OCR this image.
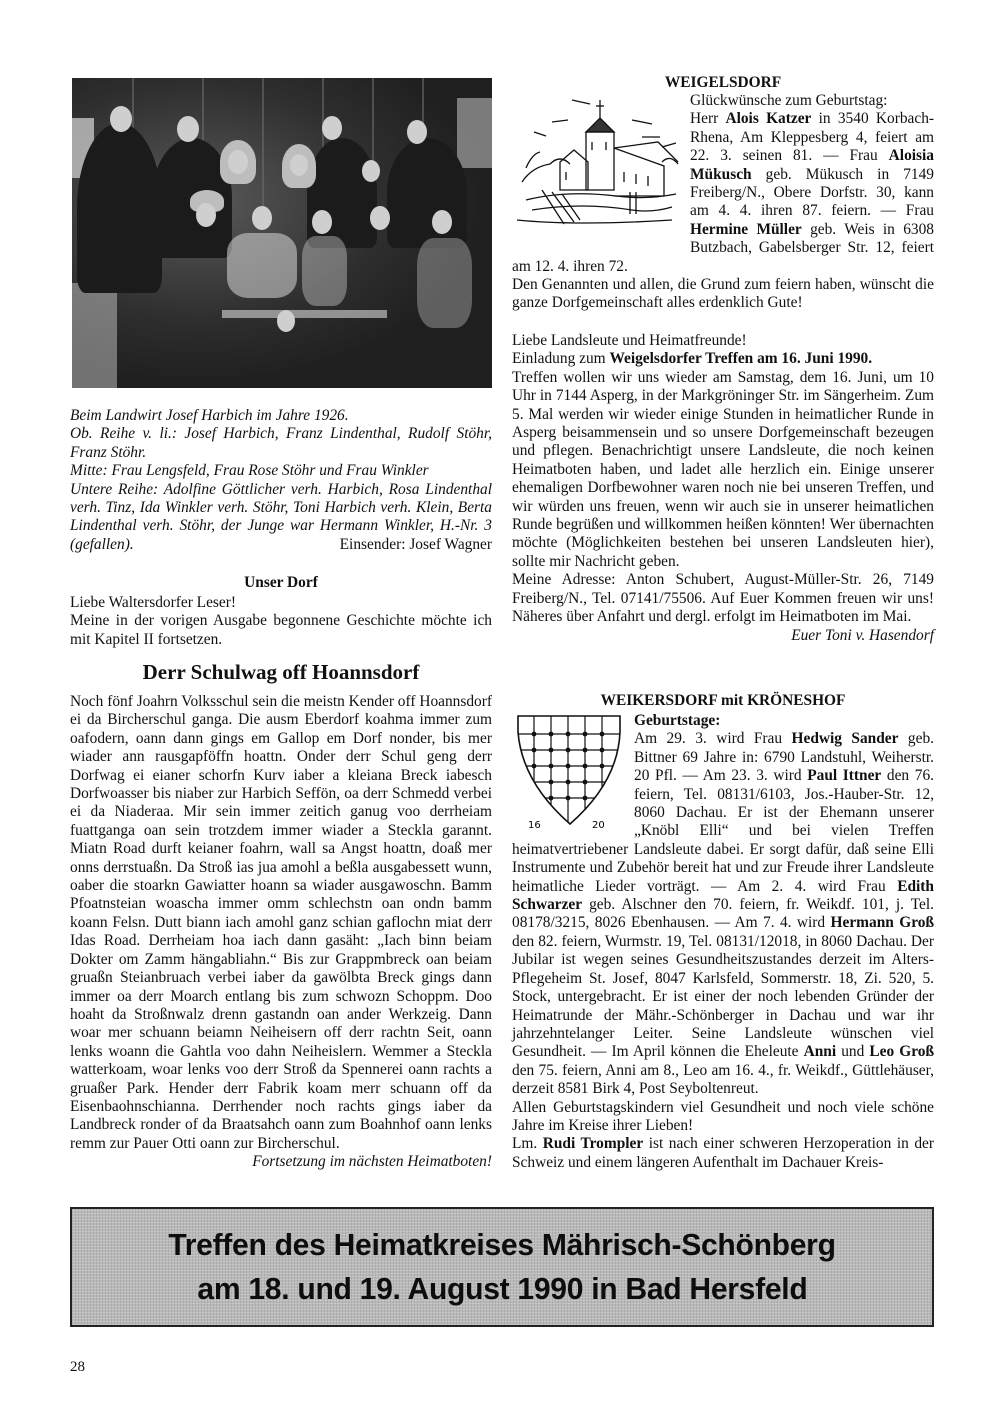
Beim Landwirt Josef Harbich im Jahre 1926.

Ob. Reihe v. li.: Josef Harbich, Franz Lindenthal, Rudolf Stöhr, Franz Stöhr.

Mitte: Frau Lengsfeld, Frau Rose Stöhr und Frau Winkler

Untere Reihe: Adolfine Göttlicher verh. Harbich, Rosa Lindenthal verh. Tinz, Ida Winkler verh. Stöhr, Toni Harbich verh. Klein, Berta Lindenthal verh. Stöhr, der Junge war Hermann Winkler, H.-Nr. 3 (gefallen).	Einsender: Josef Wagner

Unser Dorf

Liebe Waltersdorfer Leser!

Meine in der vorigen Ausgabe begonnene Geschichte möchte ich mit Kapitel II fortsetzen.

Derr Schulwag off Hoannsdorf

Noch fönf Joahrn Volksschul sein die meistn Kender off Hoannsdorf ei da Bircherschul ganga. Die ausm Eberdorf koahma immer zum oafodern, oann dann gings em Gallop em Dorf nonder, bis mer wiader ann rausgapföffn hoattn. Onder derr Schul geng derr Dorfwag ei eianer schorfn Kurv iaber a kleiana Breck iabesch Dorfwoasser bis niaber zur Harbich Seffön, oa derr Schmedd verbei ei da Niaderaa. Mir sein immer zeitich ganug voo derrheiam fuattganga oan sein trotzdem immer wiader a Steckla garannt. Miatn Road durft keianer foahrn, wall sa Angst hoattn, doaß mer onns derrstuaßn. Da Stroß ias jua amohl a beßla ausgabessett wunn, oaber die stoarkn Gawiatter hoann sa wiader ausgawoschn. Bamm Pfoatnsteian woascha immer omm schlechstn oan ondn bamm koann Felsn. Dutt biann iach amohl ganz schian gaflochn miat derr Idas Road. Derrheiam hoa iach dann gasäht: „Iach binn beiam Dokter om Zamm hängabliahn.“ Bis zur Grappmbreck oan beiam gruaßn Steianbruach verbei iaber da gawölbta Breck gings dann immer oa derr Moarch entlang bis zum schwozn Schoppm. Doo hoaht da Stroßnwalz drenn gastandn oan ander Werkzeig. Dann woar mer schuann beiamn Neiheisern off derr rachtn Seit, oann lenks woann die Gahtla voo dahn Neiheislern. Wemmer a Steckla watterkoam, woar lenks voo derr Stroß da Spennerei oann rachts a gruaßer Park. Hender derr Fabrik koam merr schuann off da Eisenbaohnschianna. Derrhender noch rachts gings iaber da Landbreck ronder of da Braatsahch oann zum Boahnhof oann lenks remm zur Pauer Otti oann zur Bircherschul.

Fortsetzung im nächsten Heimatboten!

WEIGELSDORF

Glückwünsche zum Geburtstag:

Herr Alois Katzer in 3540 Korbach-Rhena, Am Kleppesberg 4, feiert am 22. 3. seinen 81. — Frau Aloisia Mükusch geb. Mükusch in 7149 Freiberg/N., Obere Dorfstr. 30, kann am 4. 4. ihren 87. feiern. — Frau Hermine Müller geb. Weis in 6308 Butzbach, Gabelsberger Str. 12, feiert am 12. 4. ihren 72.

Den Genannten und allen, die Grund zum feiern haben, wünscht die ganze Dorfgemeinschaft alles erdenklich Gute!

Liebe Landsleute und Heimatfreunde!

Einladung zum Weigelsdorfer Treffen am 16. Juni 1990.

Treffen wollen wir uns wieder am Samstag, dem 16. Juni, um 10 Uhr in 7144 Asperg, in der Markgröninger Str. im Sängerheim. Zum 5. Mal werden wir wieder einige Stunden in heimatlicher Runde in Asperg beisammensein und so unsere Dorfgemeinschaft bezeugen und pflegen. Benachrichtigt unsere Landsleute, die noch keinen Heimatboten haben, und ladet alle herzlich ein. Einige unserer ehemaligen Dorfbewohner waren noch nie bei unseren Treffen, und wir würden uns freuen, wenn wir auch sie in unserer heimatlichen Runde begrüßen und willkommen heißen könnten! Wer übernachten möchte (Möglichkeiten bestehen bei unseren Landsleuten hier), sollte mir Nachricht geben.

Meine Adresse: Anton Schubert, August-Müller-Str. 26, 7149 Freiberg/N., Tel. 07141/75506. Auf Euer Kommen freuen wir uns! Näheres über Anfahrt und dergl. erfolgt im Heimatboten im Mai.
Euer Toni v. Hasendorf

WEIKERSDORF mit KRÖNESHOF
16	20

Geburtstage:

Am 29. 3. wird Frau Hedwig Sander geb. Bittner 69 Jahre in: 6790 Landstuhl, Weiherstr. 20 Pfl. — Am 23. 3. wird Paul Ittner den 76. feiern, Tel. 08131/6103, Jos.-Hauber-Str. 12, 8060 Dachau. Er ist der Ehemann unserer „Knöbl Elli“ und bei vielen Treffen heimatvertriebener Landsleute dabei. Er sorgt dafür, daß seine Elli Instrumente und Zubehör bereit hat und zur Freude ihrer Landsleute heimatliche Lieder vorträgt. — Am 2. 4. wird Frau Edith Schwarzer geb. Alschner den 70. feiern, fr. Weikdf. 101, j. Tel. 08178/3215, 8026 Ebenhausen. — Am 7. 4. wird Hermann Groß den 82. feiern, Wurmstr. 19, Tel. 08131/12018, in 8060 Dachau. Der Jubilar ist wegen seines Gesundheitszustandes derzeit im Alters-Pflegeheim St. Josef, 8047 Karlsfeld, Sommerstr. 18, Zi. 520, 5. Stock, untergebracht. Er ist einer der noch lebenden Gründer der Heimatrunde der Mähr.-Schönberger in Dachau und war ihr jahrzehntelanger Leiter. Seine Landsleute wünschen viel Gesundheit. — Im April können die Eheleute Anni und Leo Groß den 75. feiern, Anni am 8., Leo am 16. 4., fr. Weikdf., Güttlehäuser, derzeit 8581 Birk 4, Post Seyboltenreut.

Allen Geburtstagskindern viel Gesundheit und noch viele schöne Jahre im Kreise ihrer Lieben!

Lm. Rudi Trompler ist nach einer schweren Herzoperation in der Schweiz und einem längeren Aufenthalt im Dachauer Kreis-

Treffen des Heimatkreises Mährisch-Schönberg
am 18. und 19. August 1990 in Bad Hersfeld
28
